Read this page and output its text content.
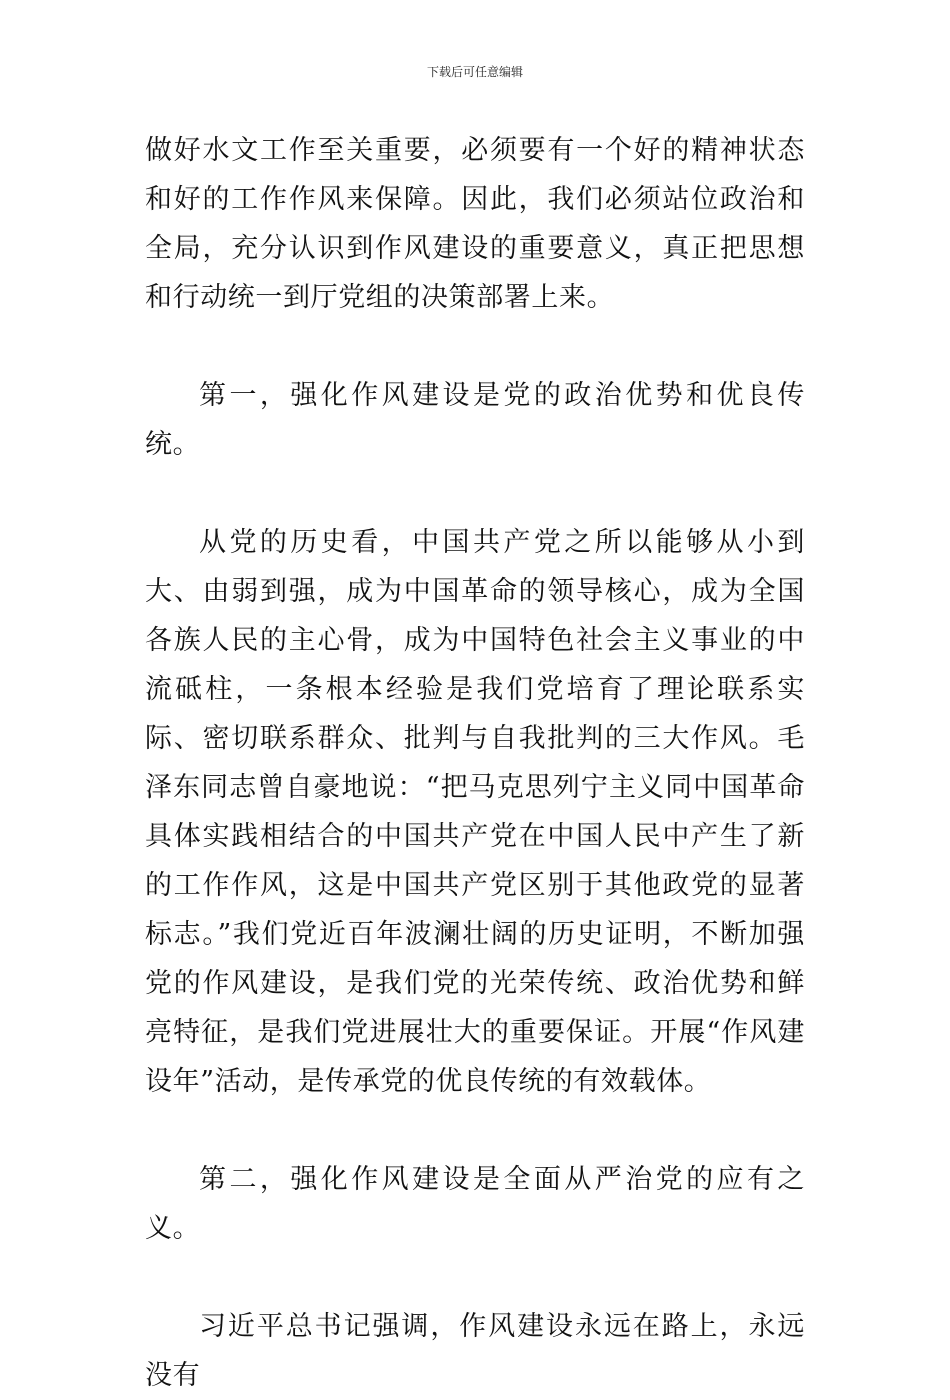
下载后可任意编辑

做好水文工作至关重要，必须要有一个好的精神状态和好的工作作风来保障。因此，我们必须站位政治和全局，充分认识到作风建设的重要意义，真正把思想和行动统一到厅党组的决策部署上来。

第一，强化作风建设是党的政治优势和优良传统。

从党的历史看，中国共产党之所以能够从小到大、由弱到强，成为中国革命的领导核心，成为全国各族人民的主心骨，成为中国特色社会主义事业的中流砥柱，一条根本经验是我们党培育了理论联系实际、密切联系群众、批判与自我批判的三大作风。毛泽东同志曾自豪地说：“把马克思列宁主义同中国革命具体实践相结合的中国共产党在中国人民中产生了新的工作作风，这是中国共产党区别于其他政党的显著标志。”我们党近百年波澜壮阔的历史证明，不断加强党的作风建设，是我们党的光荣传统、政治优势和鲜亮特征，是我们党进展壮大的重要保证。开展“作风建设年”活动，是传承党的优良传统的有效载体。

第二，强化作风建设是全面从严治党的应有之义。

习近平总书记强调，作风建设永远在路上，永远没有
